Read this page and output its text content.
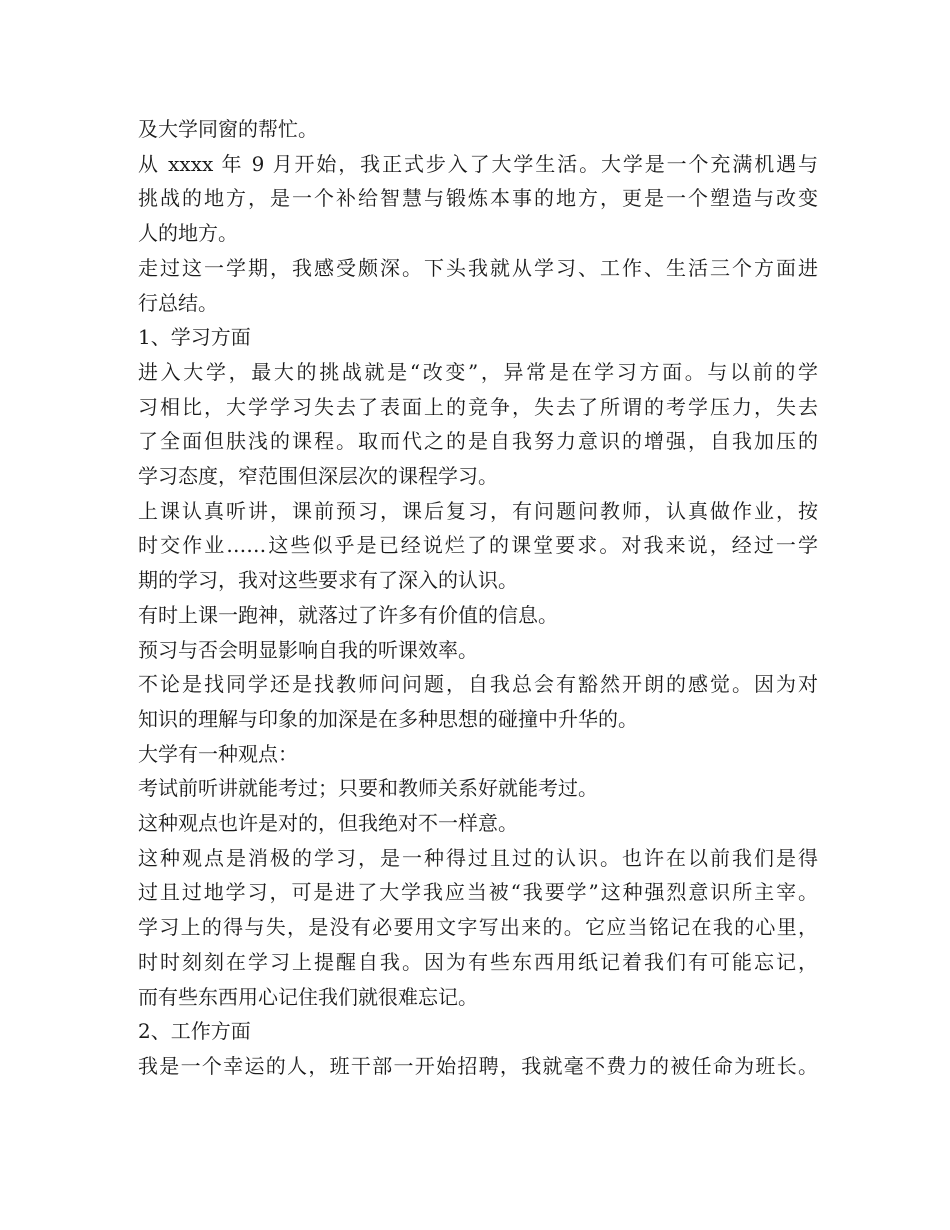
及大学同窗的帮忙。

从 xxxx 年 9 月开始，我正式步入了大学生活。大学是一个充满机遇与

挑战的地方，是一个补给智慧与锻炼本事的地方，更是一个塑造与改变

人的地方。

走过这一学期，我感受颇深。下头我就从学习、工作、生活三个方面进

行总结。

1、学习方面

进入大学，最大的挑战就是“改变”，异常是在学习方面。与以前的学

习相比，大学学习失去了表面上的竞争，失去了所谓的考学压力，失去

了全面但肤浅的课程。取而代之的是自我努力意识的增强，自我加压的

学习态度，窄范围但深层次的课程学习。

上课认真听讲，课前预习，课后复习，有问题问教师，认真做作业，按

时交作业……这些似乎是已经说烂了的课堂要求。对我来说，经过一学

期的学习，我对这些要求有了深入的认识。

有时上课一跑神，就落过了许多有价值的信息。

预习与否会明显影响自我的听课效率。

不论是找同学还是找教师问问题，自我总会有豁然开朗的感觉。因为对

知识的理解与印象的加深是在多种思想的碰撞中升华的。

大学有一种观点：

考试前听讲就能考过；只要和教师关系好就能考过。

这种观点也许是对的，但我绝对不一样意。

这种观点是消极的学习，是一种得过且过的认识。也许在以前我们是得

过且过地学习，可是进了大学我应当被“我要学”这种强烈意识所主宰。

学习上的得与失，是没有必要用文字写出来的。它应当铭记在我的心里，

时时刻刻在学习上提醒自我。因为有些东西用纸记着我们有可能忘记，

而有些东西用心记住我们就很难忘记。

2、工作方面

我是一个幸运的人，班干部一开始招聘，我就毫不费力的被任命为班长。
